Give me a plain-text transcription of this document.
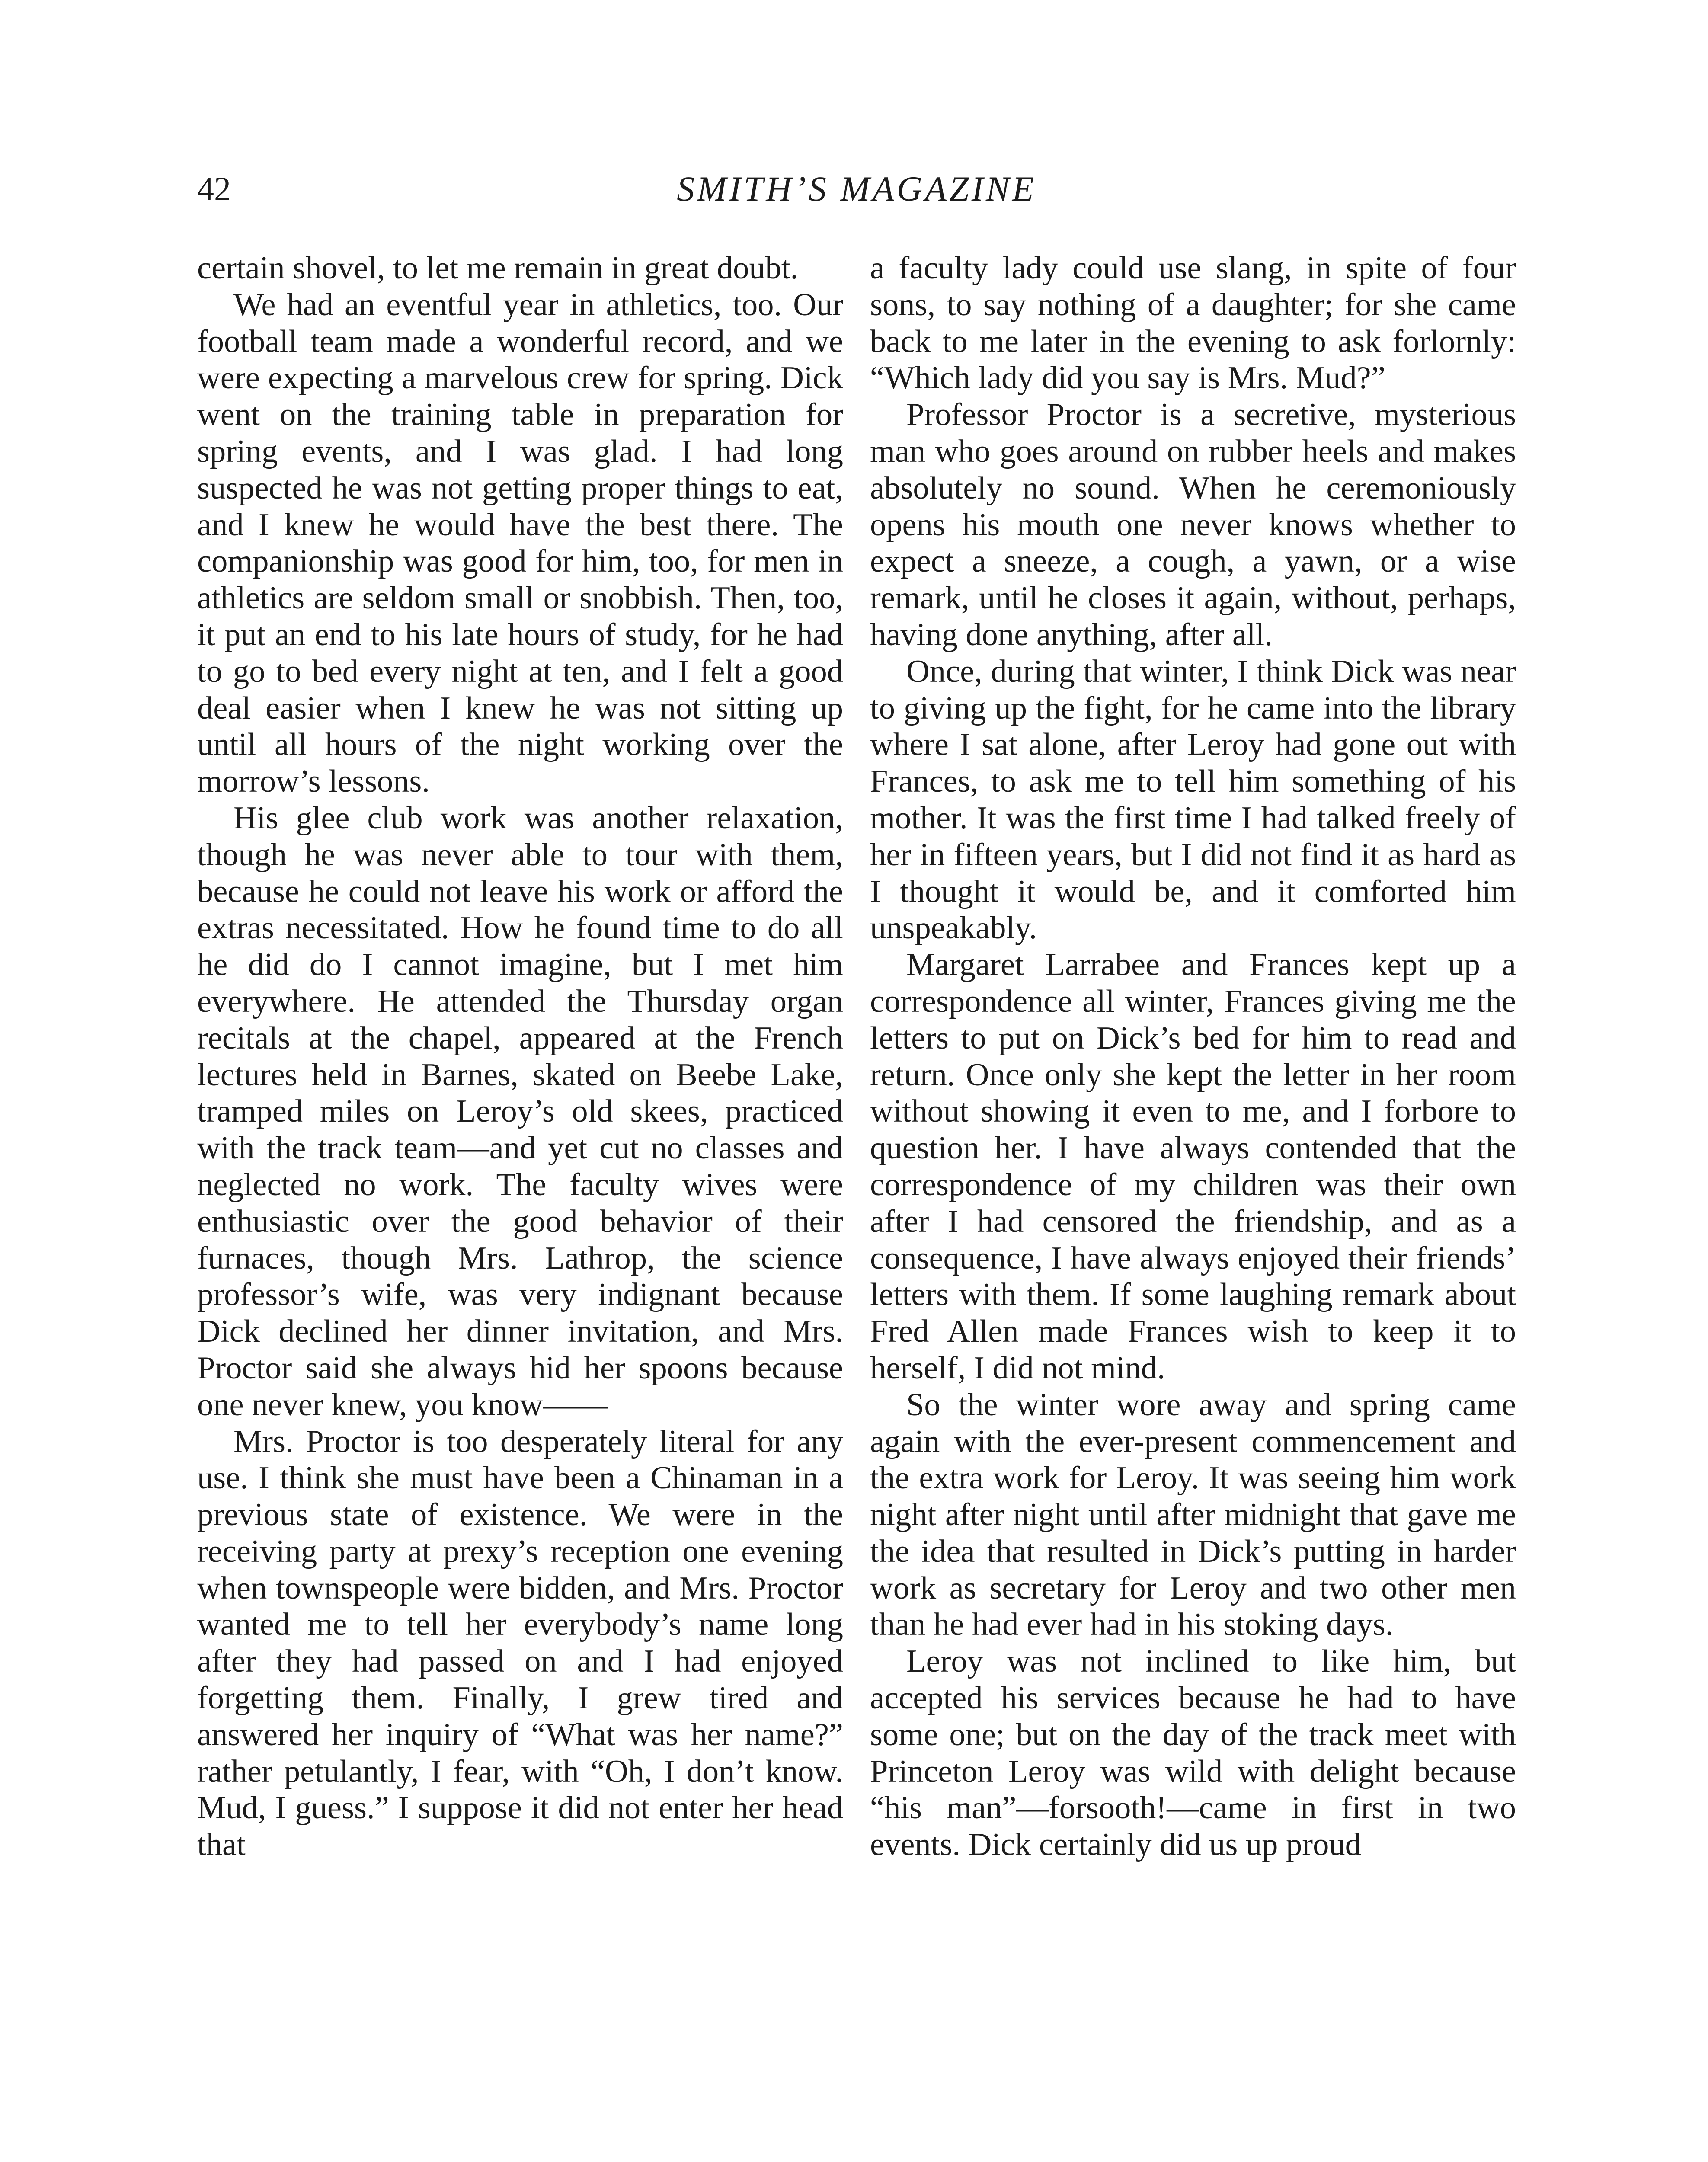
42	SMITH’S MAGAZINE

certain shovel, to let me remain in great doubt.

We had an eventful year in athletics, too. Our football team made a wonderful record, and we were expecting a marvelous crew for spring. Dick went on the training table in preparation for spring events, and I was glad. I had long suspected he was not getting proper things to eat, and I knew he would have the best there. The companionship was good for him, too, for men in athletics are seldom small or snobbish. Then, too, it put an end to his late hours of study, for he had to go to bed every night at ten, and I felt a good deal easier when I knew he was not sitting up until all hours of the night working over the morrow’s lessons.

His glee club work was another relaxation, though he was never able to tour with them, because he could not leave his work or afford the extras necessitated. How he found time to do all he did do I cannot imagine, but I met him everywhere. He attended the Thursday organ recitals at the chapel, appeared at the French lectures held in Barnes, skated on Beebe Lake, tramped miles on Leroy’s old skees, practiced with the track team—and yet cut no classes and neglected no work. The faculty wives were enthusiastic over the good behavior of their furnaces, though Mrs. Lathrop, the science professor’s wife, was very indignant because Dick declined her dinner invitation, and Mrs. Proctor said she always hid her spoons because one never knew, you know——

Mrs. Proctor is too desperately literal for any use. I think she must have been a Chinaman in a previous state of existence. We were in the receiving party at prexy’s reception one evening when townspeople were bidden, and Mrs. Proctor wanted me to tell her everybody’s name long after they had passed on and I had enjoyed forgetting them. Finally, I grew tired and answered her inquiry of “What was her name?” rather petulantly, I fear, with “Oh, I don’t know. Mud, I guess.” I suppose it did not enter her head that

a faculty lady could use slang, in spite of four sons, to say nothing of a daughter; for she came back to me later in the evening to ask forlornly: “Which lady did you say is Mrs. Mud?”

Professor Proctor is a secretive, mysterious man who goes around on rubber heels and makes absolutely no sound. When he ceremoniously opens his mouth one never knows whether to expect a sneeze, a cough, a yawn, or a wise remark, until he closes it again, without, perhaps, having done anything, after all.

Once, during that winter, I think Dick was near to giving up the fight, for he came into the library where I sat alone, after Leroy had gone out with Frances, to ask me to tell him something of his mother. It was the first time I had talked freely of her in fifteen years, but I did not find it as hard as I thought it would be, and it comforted him unspeakably.

Margaret Larrabee and Frances kept up a correspondence all winter, Frances giving me the letters to put on Dick’s bed for him to read and return. Once only she kept the letter in her room without showing it even to me, and I forbore to question her. I have always contended that the correspondence of my children was their own after I had censored the friendship, and as a consequence, I have always enjoyed their friends’ letters with them. If some laughing remark about Fred Allen made Frances wish to keep it to herself, I did not mind.

So the winter wore away and spring came again with the ever-present commencement and the extra work for Leroy. It was seeing him work night after night until after midnight that gave me the idea that resulted in Dick’s putting in harder work as secretary for Leroy and two other men than he had ever had in his stoking days.

Leroy was not inclined to like him, but accepted his services because he had to have some one; but on the day of the track meet with Princeton Leroy was wild with delight because “his man”—forsooth!—came in first in two events. Dick certainly did us up proud
